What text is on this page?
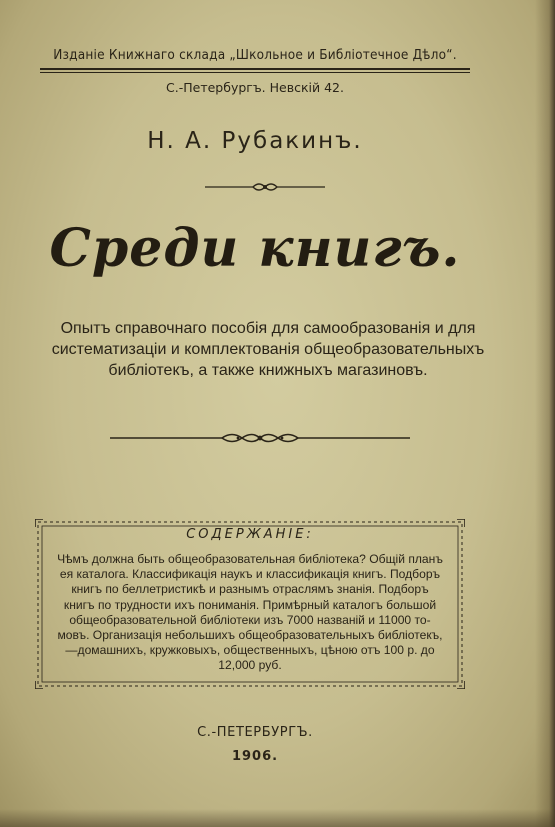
Изданіе Книжнаго склада „Школьное и Библіотечное Дѣло“.
С.-Петербургъ. Невскій 42.
Н. А. Рубакинъ.
Среди книгъ.
Опытъ справочнаго пособія для самообразованія и для
систематизаціи и комплектованія общеобразовательныхъ
библіотекъ, а также книжныхъ магазиновъ.
СОДЕРЖАНІЕ:
Чѣмъ должна быть общеобразовательная библіотека? Общій планъ
ея каталога. Классификація наукъ и классификація книгъ. Подборъ
книгъ по беллетристикѣ и разнымъ отраслямъ знанія. Подборъ
книгъ по трудности ихъ пониманія. Примѣрный каталогъ большой
общеобразовательной библіотеки изъ 7000 названій и 11000 то-
мовъ. Организація небольшихъ общеобразовательныхъ библіотекъ,
—домашнихъ, кружковыхъ, общественныхъ, цѣною отъ 100 р. до
12,000 руб.
С.-ПЕТЕРБУРГЪ.
1906.
